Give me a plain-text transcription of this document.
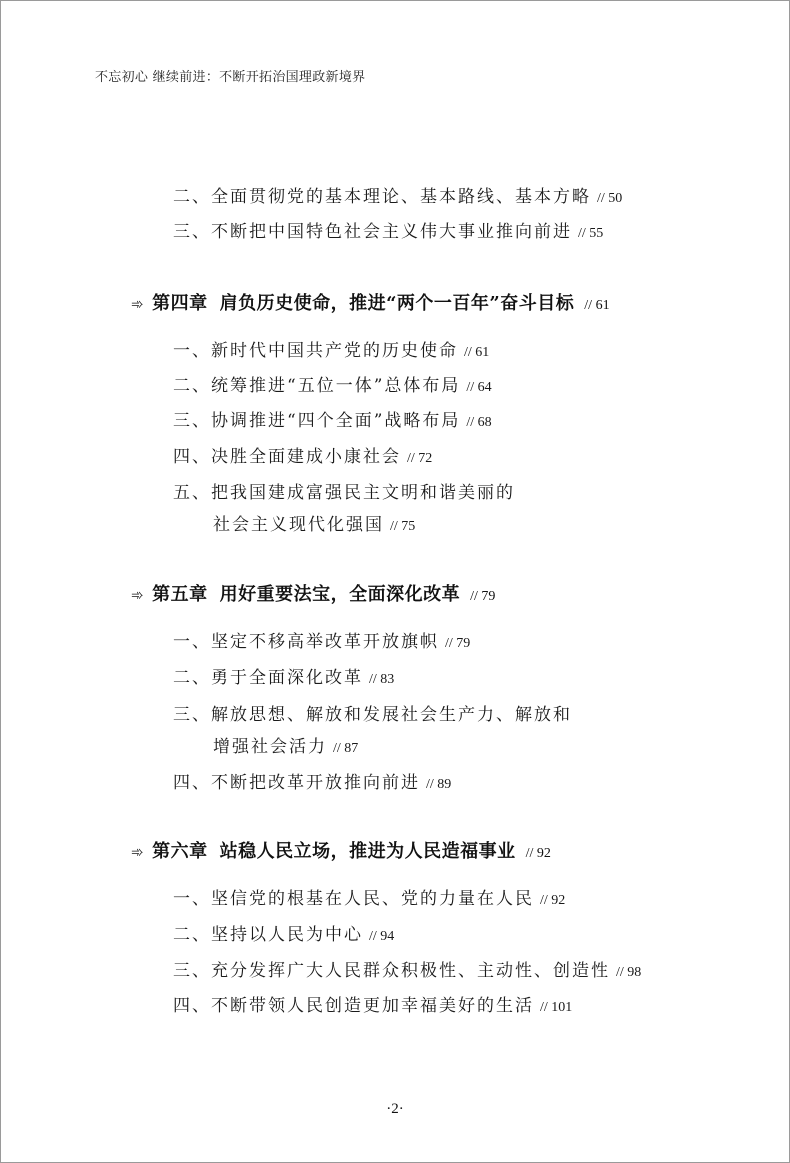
不忘初心 继续前进：不断开拓治国理政新境界
二、全面贯彻党的基本理论、基本路线、基本方略 // 50
三、不断把中国特色社会主义伟大事业推向前进 // 55
➾ 第四章 肩负历史使命，推进“两个一百年”奋斗目标 // 61
一、新时代中国共产党的历史使命 // 61
二、统筹推进“五位一体”总体布局 // 64
三、协调推进“四个全面”战略布局 // 68
四、决胜全面建成小康社会 // 72
五、把我国建成富强民主文明和谐美丽的
社会主义现代化强国 // 75
➾ 第五章 用好重要法宝，全面深化改革 // 79
一、坚定不移高举改革开放旗帜 // 79
二、勇于全面深化改革 // 83
三、解放思想、解放和发展社会生产力、解放和
增强社会活力 // 87
四、不断把改革开放推向前进 // 89
➾ 第六章 站稳人民立场，推进为人民造福事业 // 92
一、坚信党的根基在人民、党的力量在人民 // 92
二、坚持以人民为中心 // 94
三、充分发挥广大人民群众积极性、主动性、创造性 // 98
四、不断带领人民创造更加幸福美好的生活 // 101
·2·
